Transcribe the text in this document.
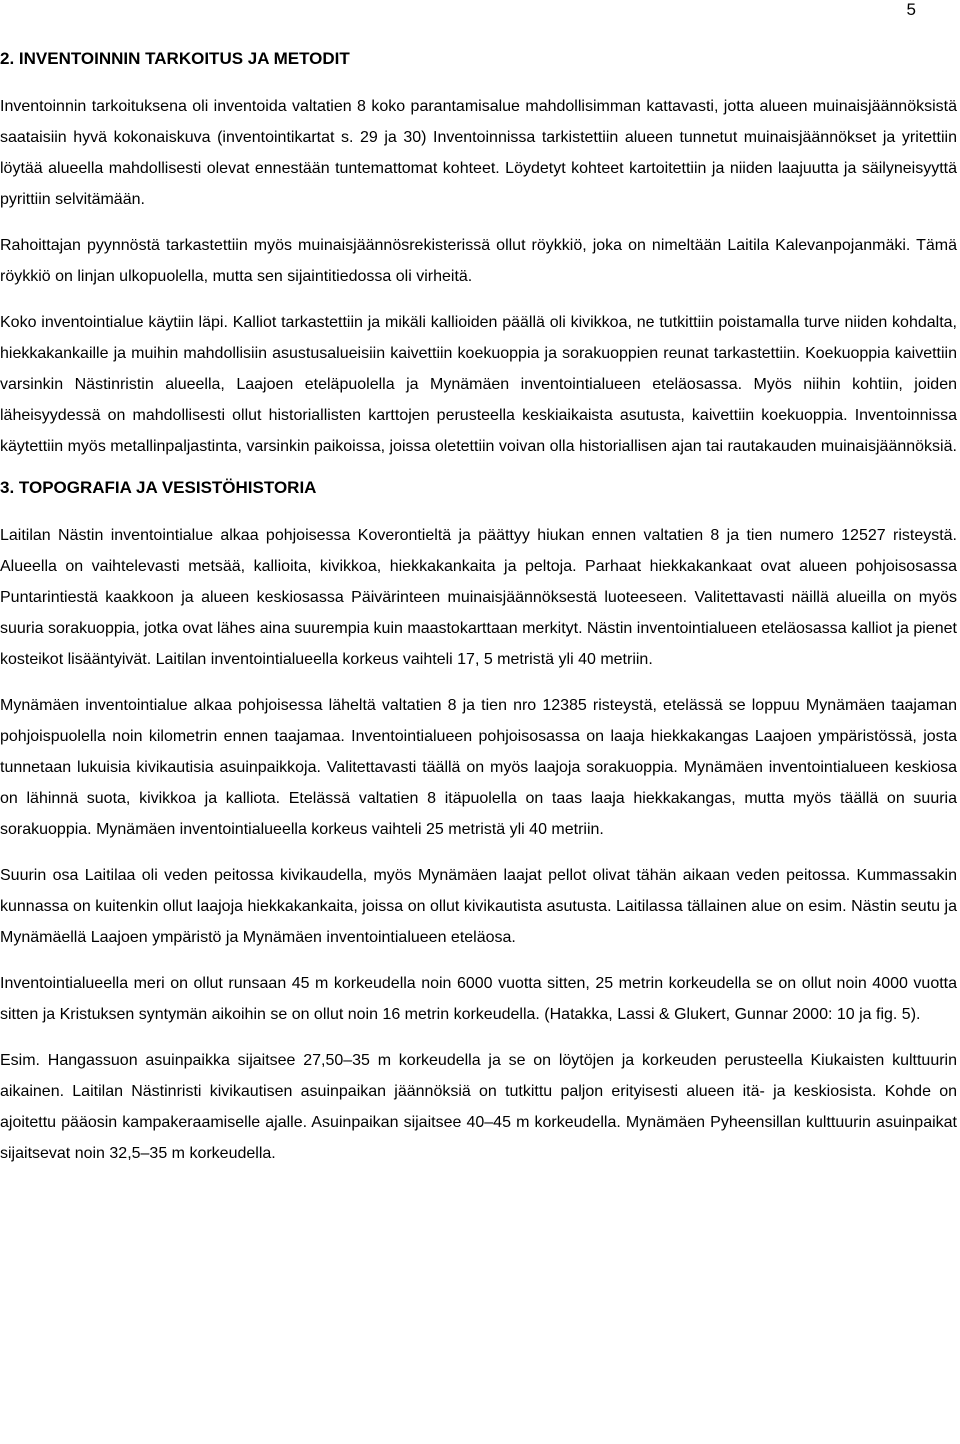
5
2. INVENTOINNIN TARKOITUS JA METODIT

Inventoinnin tarkoituksena oli inventoida valtatien 8 koko parantamisalue mahdollisimman kattavasti, jotta alueen muinaisjäännöksistä saataisiin hyvä kokonaiskuva (inventointikartat s. 29 ja 30) Inventoinnissa tarkistettiin alueen tunnetut muinaisjäännökset ja yritettiin löytää alueella mahdollisesti olevat ennestään tuntemattomat kohteet. Löydetyt kohteet kartoitettiin ja niiden laajuutta ja säilyneisyyttä pyrittiin selvitämään.

Rahoittajan pyynnöstä tarkastettiin myös muinaisjäännösrekisterissä ollut röykkiö, joka on nimeltään Laitila Kalevanpojanmäki. Tämä röykkiö on linjan ulkopuolella, mutta sen sijaintitiedossa oli virheitä.

Koko inventointialue käytiin läpi. Kalliot tarkastettiin ja mikäli kallioiden päällä oli kivikkoa, ne tutkittiin poistamalla turve niiden kohdalta, hiekkakankaille ja muihin mahdollisiin asustusalueisiin kaivettiin koekuoppia ja sorakuoppien reunat tarkastettiin. Koekuoppia kaivettiin varsinkin Nästinristin alueella, Laajoen eteläpuolella ja Mynämäen inventointialueen eteläosassa. Myös niihin kohtiin, joiden läheisyydessä on mahdollisesti ollut historiallisten karttojen perusteella keskiaikaista asutusta, kaivettiin koekuoppia. Inventoinnissa käytettiin myös metallinpaljastinta, varsinkin paikoissa, joissa oletettiin voivan olla historiallisen ajan tai rautakauden muinaisjäännöksiä.

3. TOPOGRAFIA JA VESISTÖHISTORIA

Laitilan Nästin inventointialue alkaa pohjoisessa Koverontieltä ja päättyy hiukan ennen valtatien 8 ja tien numero 12527 risteystä. Alueella on vaihtelevasti metsää, kallioita, kivikkoa, hiekkakankaita ja peltoja. Parhaat hiekkakankaat ovat alueen pohjoisosassa Puntarintiestä kaakkoon ja alueen keskiosassa Päivärinteen muinaisjäännöksestä luoteeseen. Valitettavasti näillä alueilla on myös suuria sorakuoppia, jotka ovat lähes aina suurempia kuin maastokarttaan merkityt. Nästin inventointialueen eteläosassa kalliot ja pienet kosteikot lisääntyivät. Laitilan inventointialueella korkeus vaihteli 17, 5 metristä yli 40 metriin.

Mynämäen inventointialue alkaa pohjoisessa läheltä valtatien 8 ja tien nro 12385 risteystä, etelässä se loppuu Mynämäen taajaman pohjoispuolella noin kilometrin ennen taajamaa. Inventointialueen pohjoisosassa on laaja hiekkakangas Laajoen ympäristössä, josta tunnetaan lukuisia kivikautisia asuinpaikkoja. Valitettavasti täällä on myös laajoja sorakuoppia. Mynämäen inventointialueen keskiosa on lähinnä suota, kivikkoa ja kalliota. Etelässä valtatien 8 itäpuolella on taas laaja hiekkakangas, mutta myös täällä on suuria sorakuoppia. Mynämäen inventointialueella korkeus vaihteli 25 metristä yli 40 metriin.

Suurin osa Laitilaa oli veden peitossa kivikaudella, myös Mynämäen laajat pellot olivat tähän aikaan veden peitossa. Kummassakin kunnassa on kuitenkin ollut laajoja hiekkakankaita, joissa on ollut kivikautista asutusta. Laitilassa tällainen alue on esim. Nästin seutu ja Mynämäellä Laajoen ympäristö ja Mynämäen inventointialueen eteläosa.

Inventointialueella meri on ollut runsaan 45 m korkeudella noin 6000 vuotta sitten, 25 metrin korkeudella se on ollut noin 4000 vuotta sitten ja Kristuksen syntymän aikoihin se on ollut noin 16 metrin korkeudella. (Hatakka, Lassi & Glukert, Gunnar 2000: 10 ja fig. 5).

Esim. Hangassuon asuinpaikka sijaitsee 27,50–35 m korkeudella ja se on löytöjen ja korkeuden perusteella Kiukaisten kulttuurin aikainen. Laitilan Nästinristi kivikautisen asuinpaikan jäännöksiä on tutkittu paljon erityisesti alueen itä- ja keskiosista. Kohde on ajoitettu pääosin kampakeraamiselle ajalle. Asuinpaikan sijaitsee 40–45 m korkeudella. Mynämäen Pyheensillan kulttuurin asuinpaikat sijaitsevat noin 32,5–35 m korkeudella.
